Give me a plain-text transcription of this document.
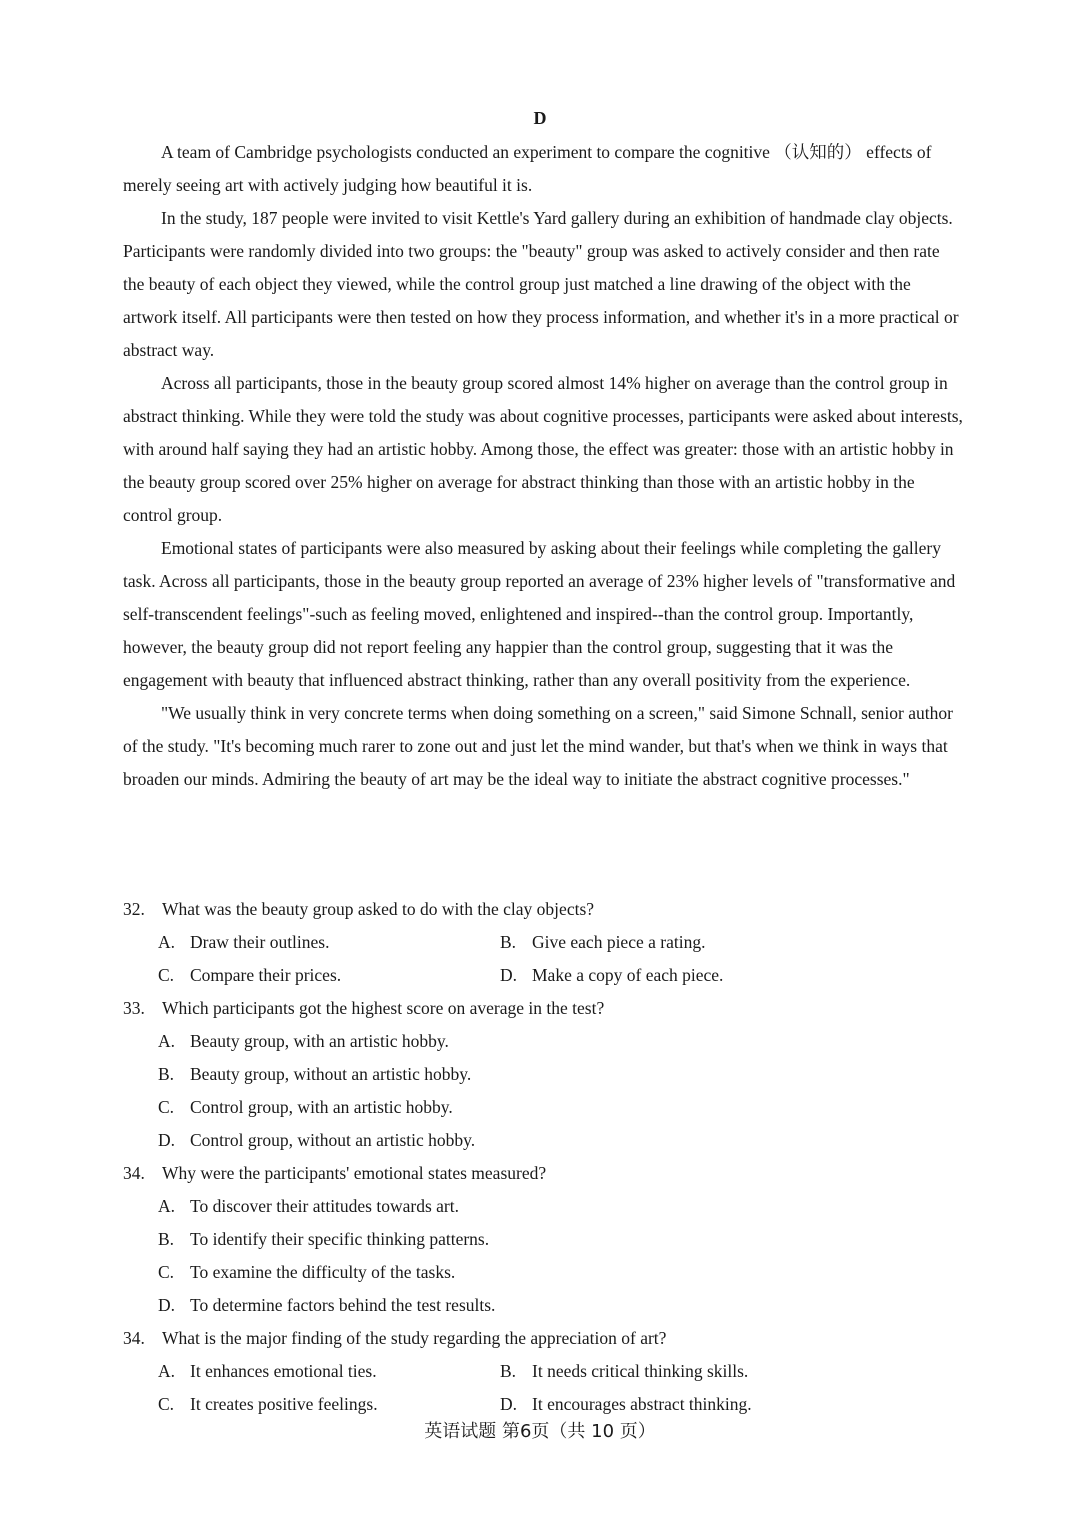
D

A team of Cambridge psychologists conducted an experiment to compare the cognitive （认知的） effects of merely seeing art with actively judging how beautiful it is.

In the study, 187 people were invited to visit Kettle's Yard gallery during an exhibition of handmade clay objects. Participants were randomly divided into two groups: the "beauty" group was asked to actively consider and then rate the beauty of each object they viewed, while the control group just matched a line drawing of the object with the artwork itself. All participants were then tested on how they process information, and whether it's in a more practical or abstract way.

Across all participants, those in the beauty group scored almost 14% higher on average than the control group in abstract thinking. While they were told the study was about cognitive processes, participants were asked about interests, with around half saying they had an artistic hobby. Among those, the effect was greater: those with an artistic hobby in the beauty group scored over 25% higher on average for abstract thinking than those with an artistic hobby in the control group.

Emotional states of participants were also measured by asking about their feelings while completing the gallery task. Across all participants, those in the beauty group reported an average of 23% higher levels of "transformative and self-transcendent feelings"-such as feeling moved, enlightened and inspired--than the control group. Importantly, however, the beauty group did not report feeling any happier than the control group, suggesting that it was the engagement with beauty that influenced abstract thinking, rather than any overall positivity from the experience.

"We usually think in very concrete terms when doing something on a screen," said Simone Schnall, senior author of the study. "It's becoming much rarer to zone out and just let the mind wander, but that's when we think in ways that broaden our minds. Admiring the beauty of art may be the ideal way to initiate the abstract cognitive processes."

32. What was the beauty group asked to do with the clay objects?
A. Draw their outlines.	B. Give each piece a rating.
C. Compare their prices.	D. Make a copy of each piece.
33. Which participants got the highest score on average in the test?
A. Beauty group, with an artistic hobby.
B. Beauty group, without an artistic hobby.
C. Control group, with an artistic hobby.
D. Control group, without an artistic hobby.
34. Why were the participants' emotional states measured?
A. To discover their attitudes towards art.
B. To identify their specific thinking patterns.
C. To examine the difficulty of the tasks.
D. To determine factors behind the test results.
34. What is the major finding of the study regarding the appreciation of art?
A. It enhances emotional ties.	B. It needs critical thinking skills.
C. It creates positive feelings.	D. It encourages abstract thinking.
英语试题 第6页（共 10 页）
